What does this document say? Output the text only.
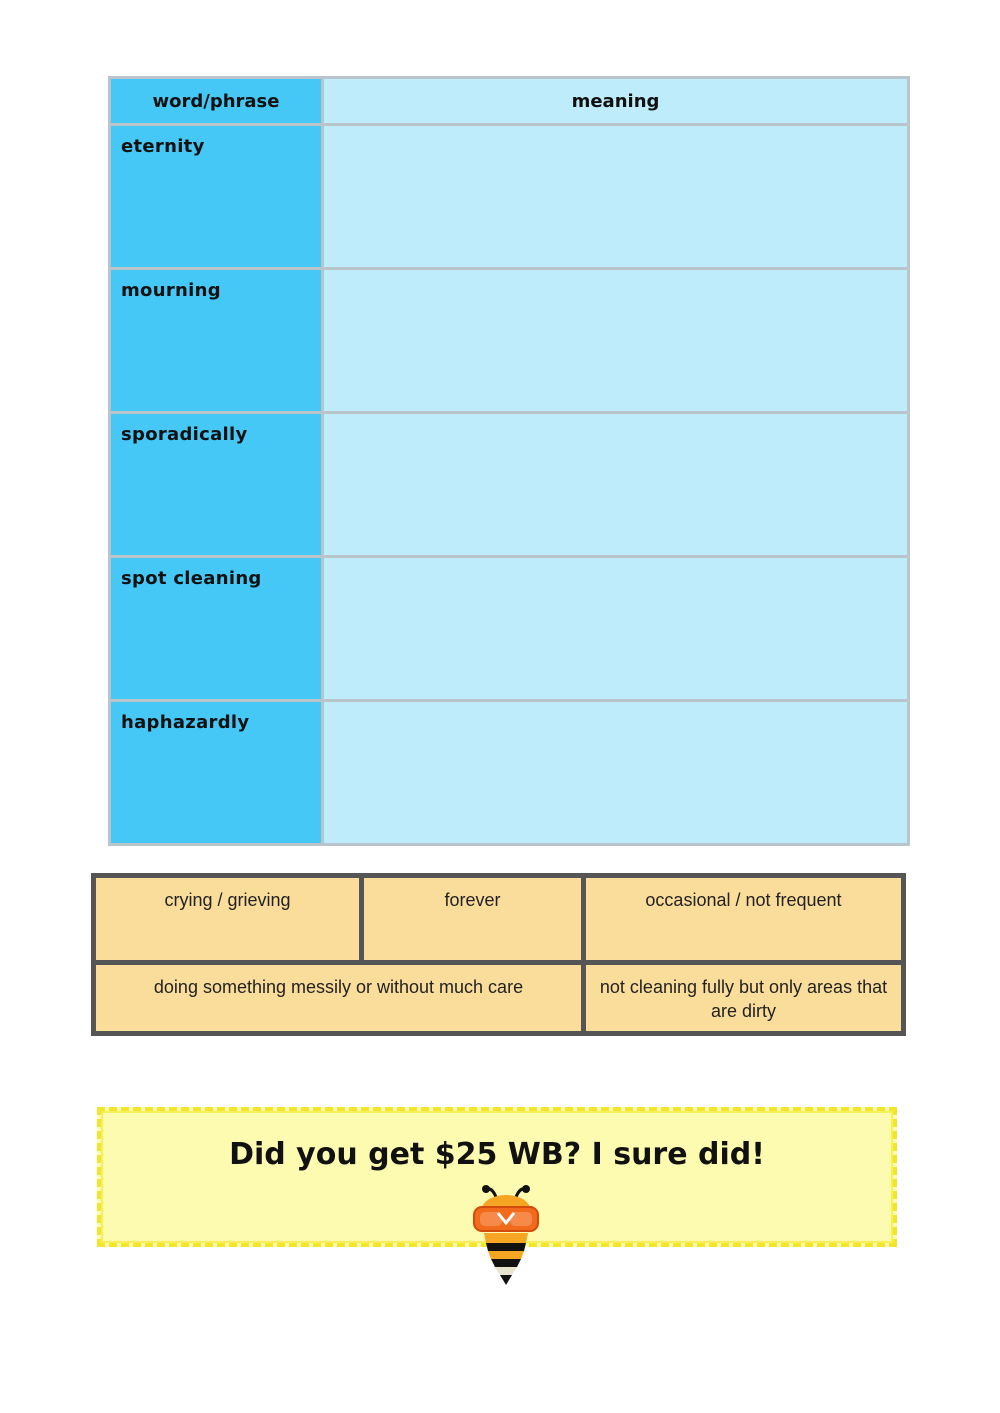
word/phrase	meaning
eternity	
mourning	
sporadically	
spot cleaning	
haphazardly	
crying / grieving	forever	occasional / not frequent
doing something messily or without much care		not cleaning fully but only areas that are dirty
Did you get $25 WB? I sure did!
